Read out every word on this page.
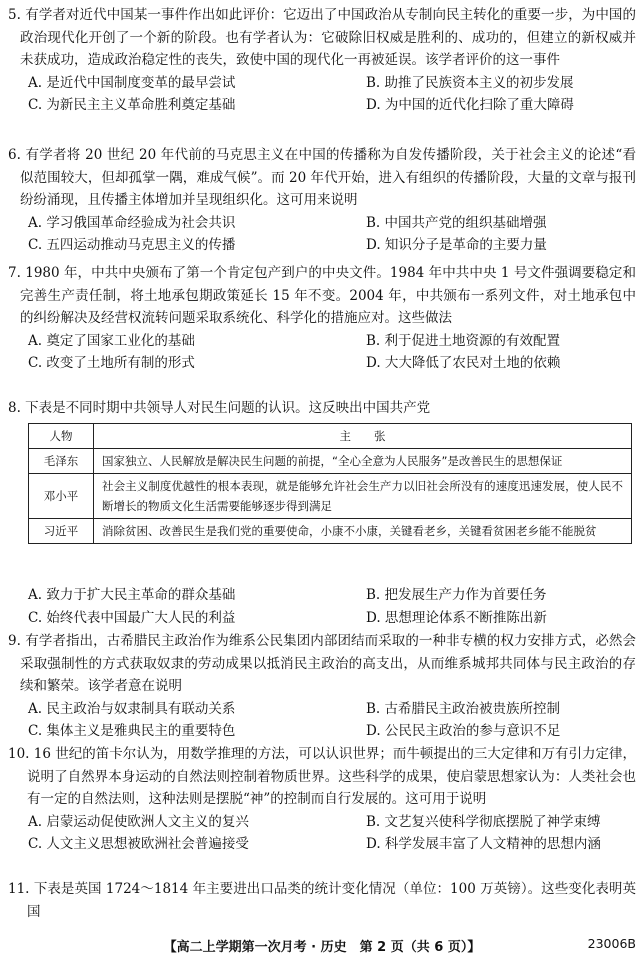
5. 有学者对近代中国某一事件作出如此评价：它迈出了中国政治从专制向民主转化的重要一步，为中国的政治现代化开创了一个新的阶段。也有学者认为：它破除旧权威是胜利的、成功的，但建立的新权威并未获成功，造成政治稳定性的丧失，致使中国的现代化一再被延误。该学者评价的这一事件

A. 是近代中国制度变革的最早尝试	B. 助推了民族资本主义的初步发展
C. 为新民主主义革命胜利奠定基础	D. 为中国的近代化扫除了重大障碍

6. 有学者将 20 世纪 20 年代前的马克思主义在中国的传播称为自发传播阶段，关于社会主义的论述“看似范围较大，但却孤掌一隅，难成气候”。而 20 年代开始，进入有组织的传播阶段，大量的文章与报刊纷纷涌现，且传播主体增加并呈现组织化。这可用来说明

A. 学习俄国革命经验成为社会共识	B. 中国共产党的组织基础增强
C. 五四运动推动马克思主义的传播	D. 知识分子是革命的主要力量

7. 1980 年，中共中央颁布了第一个肯定包产到户的中央文件。1984 年中共中央 1 号文件强调要稳定和完善生产责任制，将土地承包期政策延长 15 年不变。2004 年，中共颁布一系列文件，对土地承包中的纠纷解决及经营权流转问题采取系统化、科学化的措施应对。这些做法

A. 奠定了国家工业化的基础	B. 利于促进土地资源的有效配置
C. 改变了土地所有制的形式	D. 大大降低了农民对土地的依赖

8. 下表是不同时期中共领导人对民生问题的认识。这反映出中国共产党

人物	主　　张
毛泽东	国家独立、人民解放是解决民生问题的前提，“全心全意为人民服务”是改善民生的思想保证
邓小平	社会主义制度优越性的根本表现，就是能够允许社会生产力以旧社会所没有的速度迅速发展，使人民不断增长的物质文化生活需要能够逐步得到满足
习近平	消除贫困、改善民生是我们党的重要使命，小康不小康，关键看老乡，关键看贫困老乡能不能脱贫
A. 致力于扩大民主革命的群众基础	B. 把发展生产力作为首要任务
C. 始终代表中国最广大人民的利益	D. 思想理论体系不断推陈出新

9. 有学者指出，古希腊民主政治作为维系公民集团内部团结而采取的一种非专横的权力安排方式，必然会采取强制性的方式获取奴隶的劳动成果以抵消民主政治的高支出，从而维系城邦共同体与民主政治的存续和繁荣。该学者意在说明

A. 民主政治与奴隶制具有联动关系	B. 古希腊民主政治被贵族所控制
C. 集体主义是雅典民主的重要特色	D. 公民民主政治的参与意识不足

10. 16 世纪的笛卡尔认为，用数学推理的方法，可以认识世界；而牛顿提出的三大定律和万有引力定律，说明了自然界本身运动的自然法则控制着物质世界。这些科学的成果，使启蒙思想家认为：人类社会也有一定的自然法则，这种法则是摆脱“神”的控制而自行发展的。这可用于说明

A. 启蒙运动促使欧洲人文主义的复兴	B. 文艺复兴使科学彻底摆脱了神学束缚
C. 人文主义思想被欧洲社会普遍接受	D. 科学发展丰富了人文精神的思想内涵

11. 下表是英国 1724～1814 年主要进出口品类的统计变化情况（单位：100 万英镑）。这些变化表明英国

【高二上学期第一次月考 · 历史　第 2 页（共 6 页）】	23006B
